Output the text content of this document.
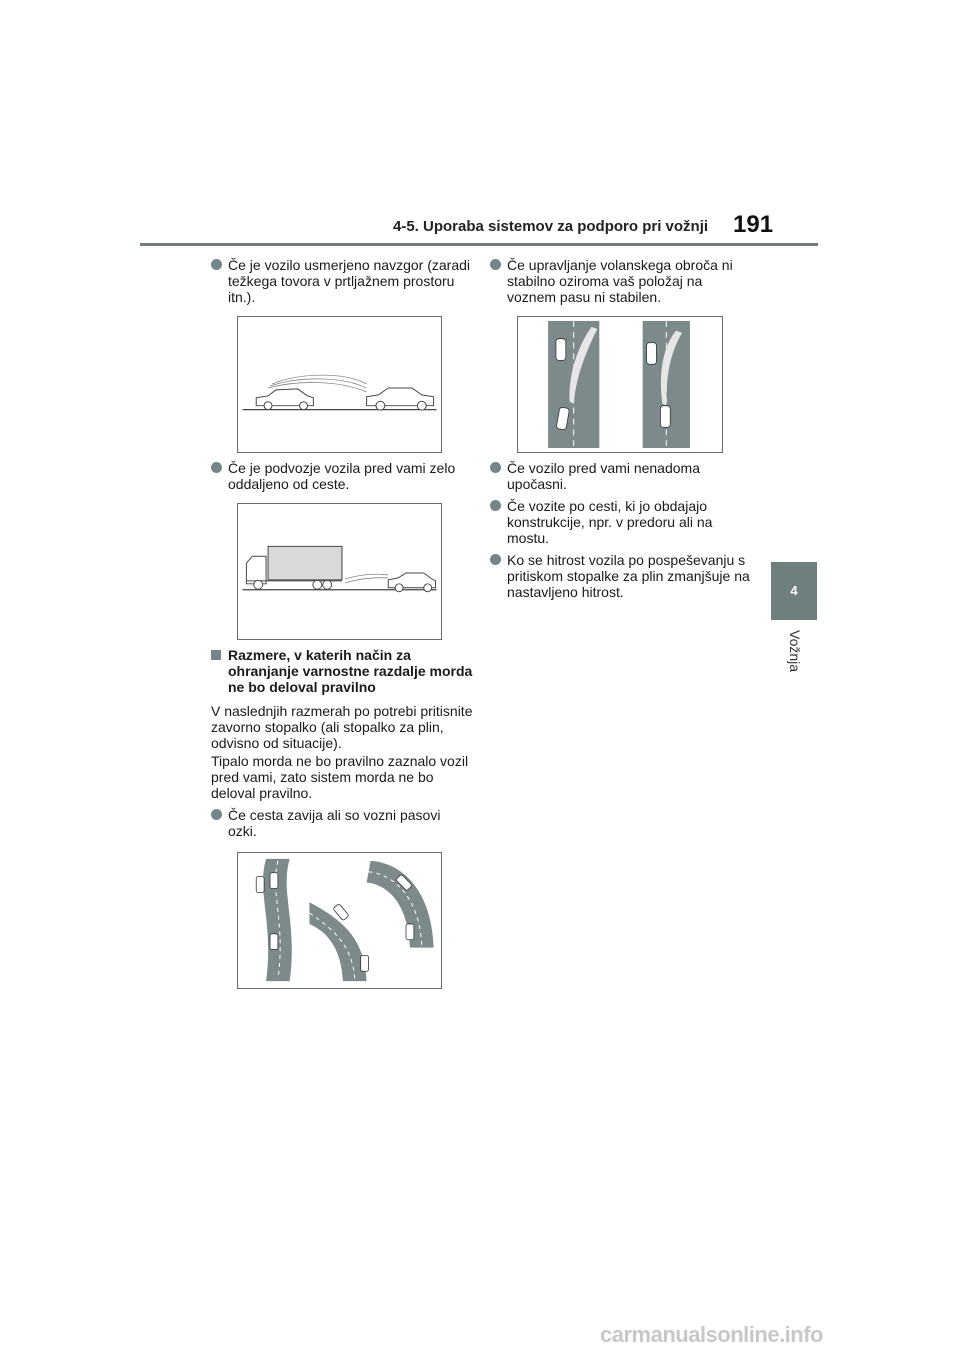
4-5. Uporaba sistemov za podporo pri vožnji 191
4
Vožnja
Če je vozilo usmerjeno navzgor (zaradi težkega tovora v prtljažnem prostoru itn.).
Če je podvozje vozila pred vami zelo oddaljeno od ceste.
Razmere, v katerih način za ohranjanje varnostne razdalje morda ne bo deloval pravilno
V naslednjih razmerah po potrebi pritisnite zavorno stopalko (ali stopalko za plin, odvisno od situacije).
Tipalo morda ne bo pravilno zaznalo vozil pred vami, zato sistem morda ne bo deloval pravilno.
Če cesta zavija ali so vozni pasovi ozki.
Če upravljanje volanskega obroča ni stabilno oziroma vaš položaj na voznem pasu ni stabilen.
Če vozilo pred vami nenadoma upočasni.
Če vozite po cesti, ki jo obdajajo konstrukcije, npr. v predoru ali na mostu.
Ko se hitrost vozila po pospeševanju s pritiskom stopalke za plin zmanjšuje na nastavljeno hitrost.
carmanualsonline.info
